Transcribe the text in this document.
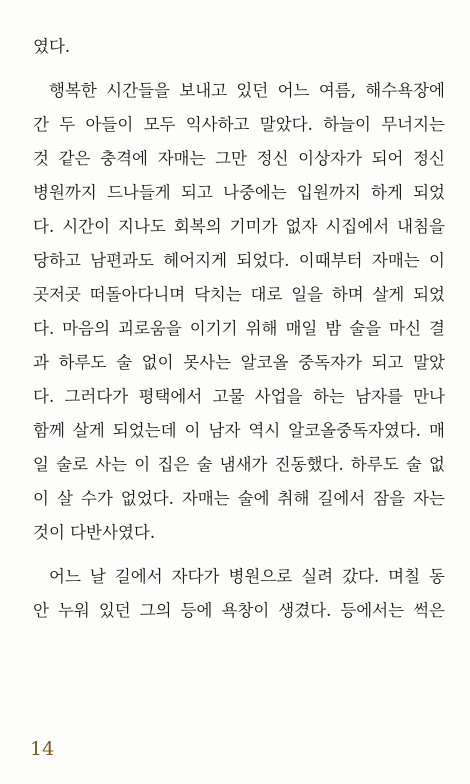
였다.
행복한 시간들을 보내고 있던 어느 여름, 해수욕장에
간 두 아들이 모두 익사하고 말았다. 하늘이 무너지는
것 같은 충격에 자매는 그만 정신 이상자가 되어 정신
병원까지 드나들게 되고 나중에는 입원까지 하게 되었
다. 시간이 지나도 회복의 기미가 없자 시집에서 내침을
당하고 남편과도 헤어지게 되었다. 이때부터 자매는 이
곳저곳 떠돌아다니며 닥치는 대로 일을 하며 살게 되었
다. 마음의 괴로움을 이기기 위해 매일 밤 술을 마신 결
과 하루도 술 없이 못사는 알코올 중독자가 되고 말았
다. 그러다가 평택에서 고물 사업을 하는 남자를 만나
함께 살게 되었는데 이 남자 역시 알코올중독자였다. 매
일 술로 사는 이 집은 술 냄새가 진동했다. 하루도 술 없
이 살 수가 없었다. 자매는 술에 취해 길에서 잠을 자는
것이 다반사였다.
어느 날 길에서 자다가 병원으로 실려 갔다. 며칠 동
안 누워 있던 그의 등에 욕창이 생겼다. 등에서는 썩은
14
